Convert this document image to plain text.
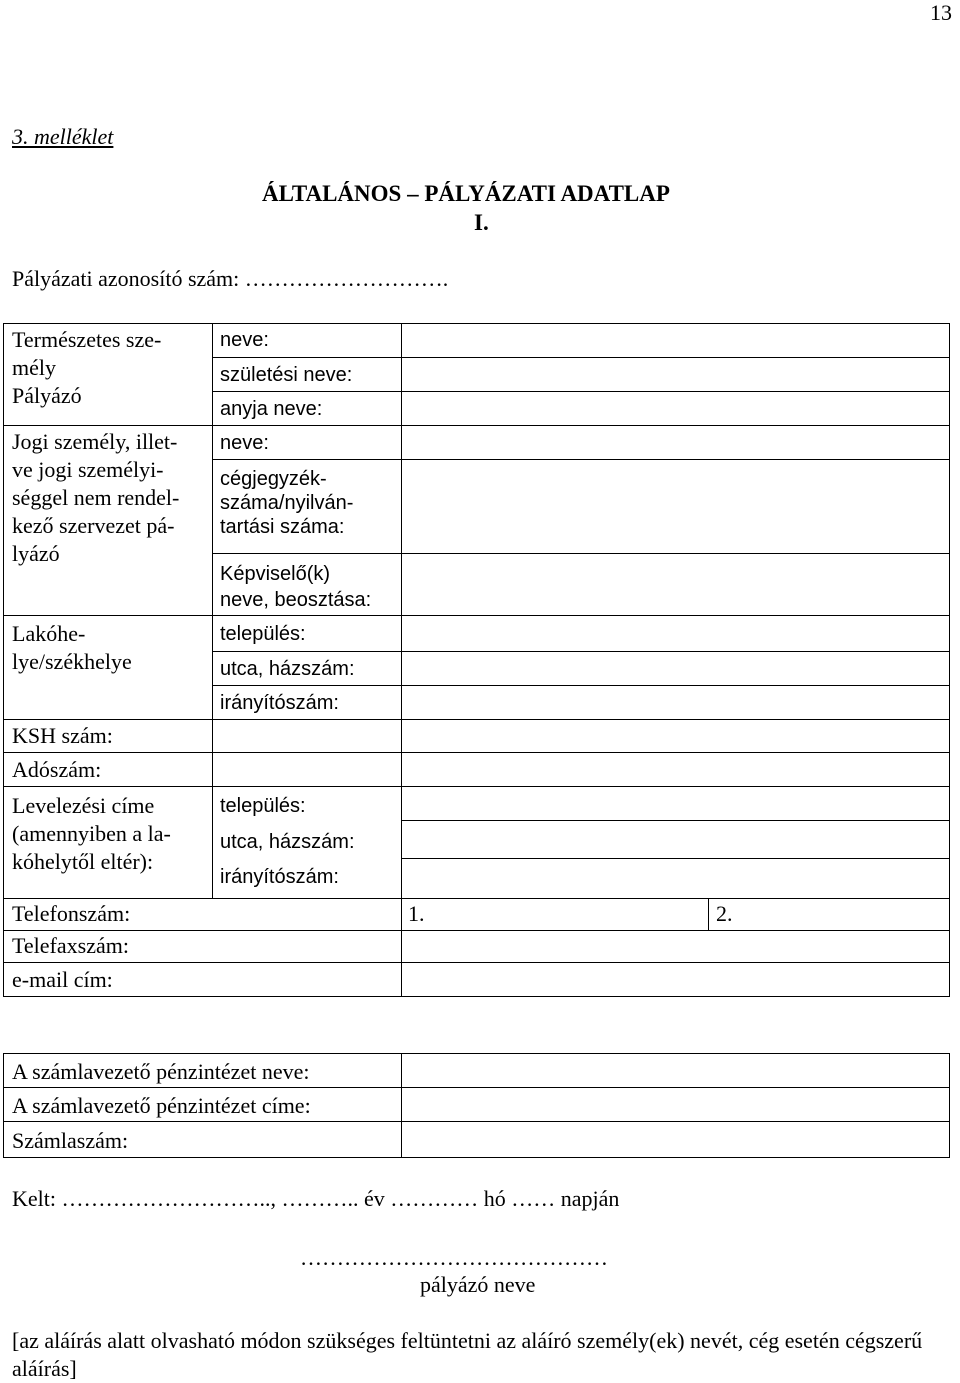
13
3. melléklet
ÁLTALÁNOS – PÁLYÁZATI ADATLAP
I.
Pályázati azonosító szám: ……………………….
Természetes sze-
mély
Pályázó
Jogi személy, illet-
ve jogi személyi-
séggel nem rendel-
kező szervezet pá-
lyázó
Lakóhe-
lye/székhelye
KSH szám:
Adószám:
Levelezési címe
(amennyiben a la-
kóhelytől eltér):
Telefonszám:
Telefaxszám:
e-mail cím:
neve:
születési neve:
anyja neve:
neve:
cégjegyzék-
száma/nyilván-
tartási száma:
Képviselő(k)
neve, beosztása:
település:
utca, házszám:
irányítószám:
település:
utca, házszám:
irányítószám:
1.	2.
A számlavezető pénzintézet neve:
A számlavezető pénzintézet címe:
Számlaszám:
Kelt: ……………………….., ……….. év ………… hó …… napján
……………………………………
pályázó neve
[az aláírás alatt olvasható módon szükséges feltüntetni az aláíró személy(ek) nevét, cég esetén cégszerű aláírás]
